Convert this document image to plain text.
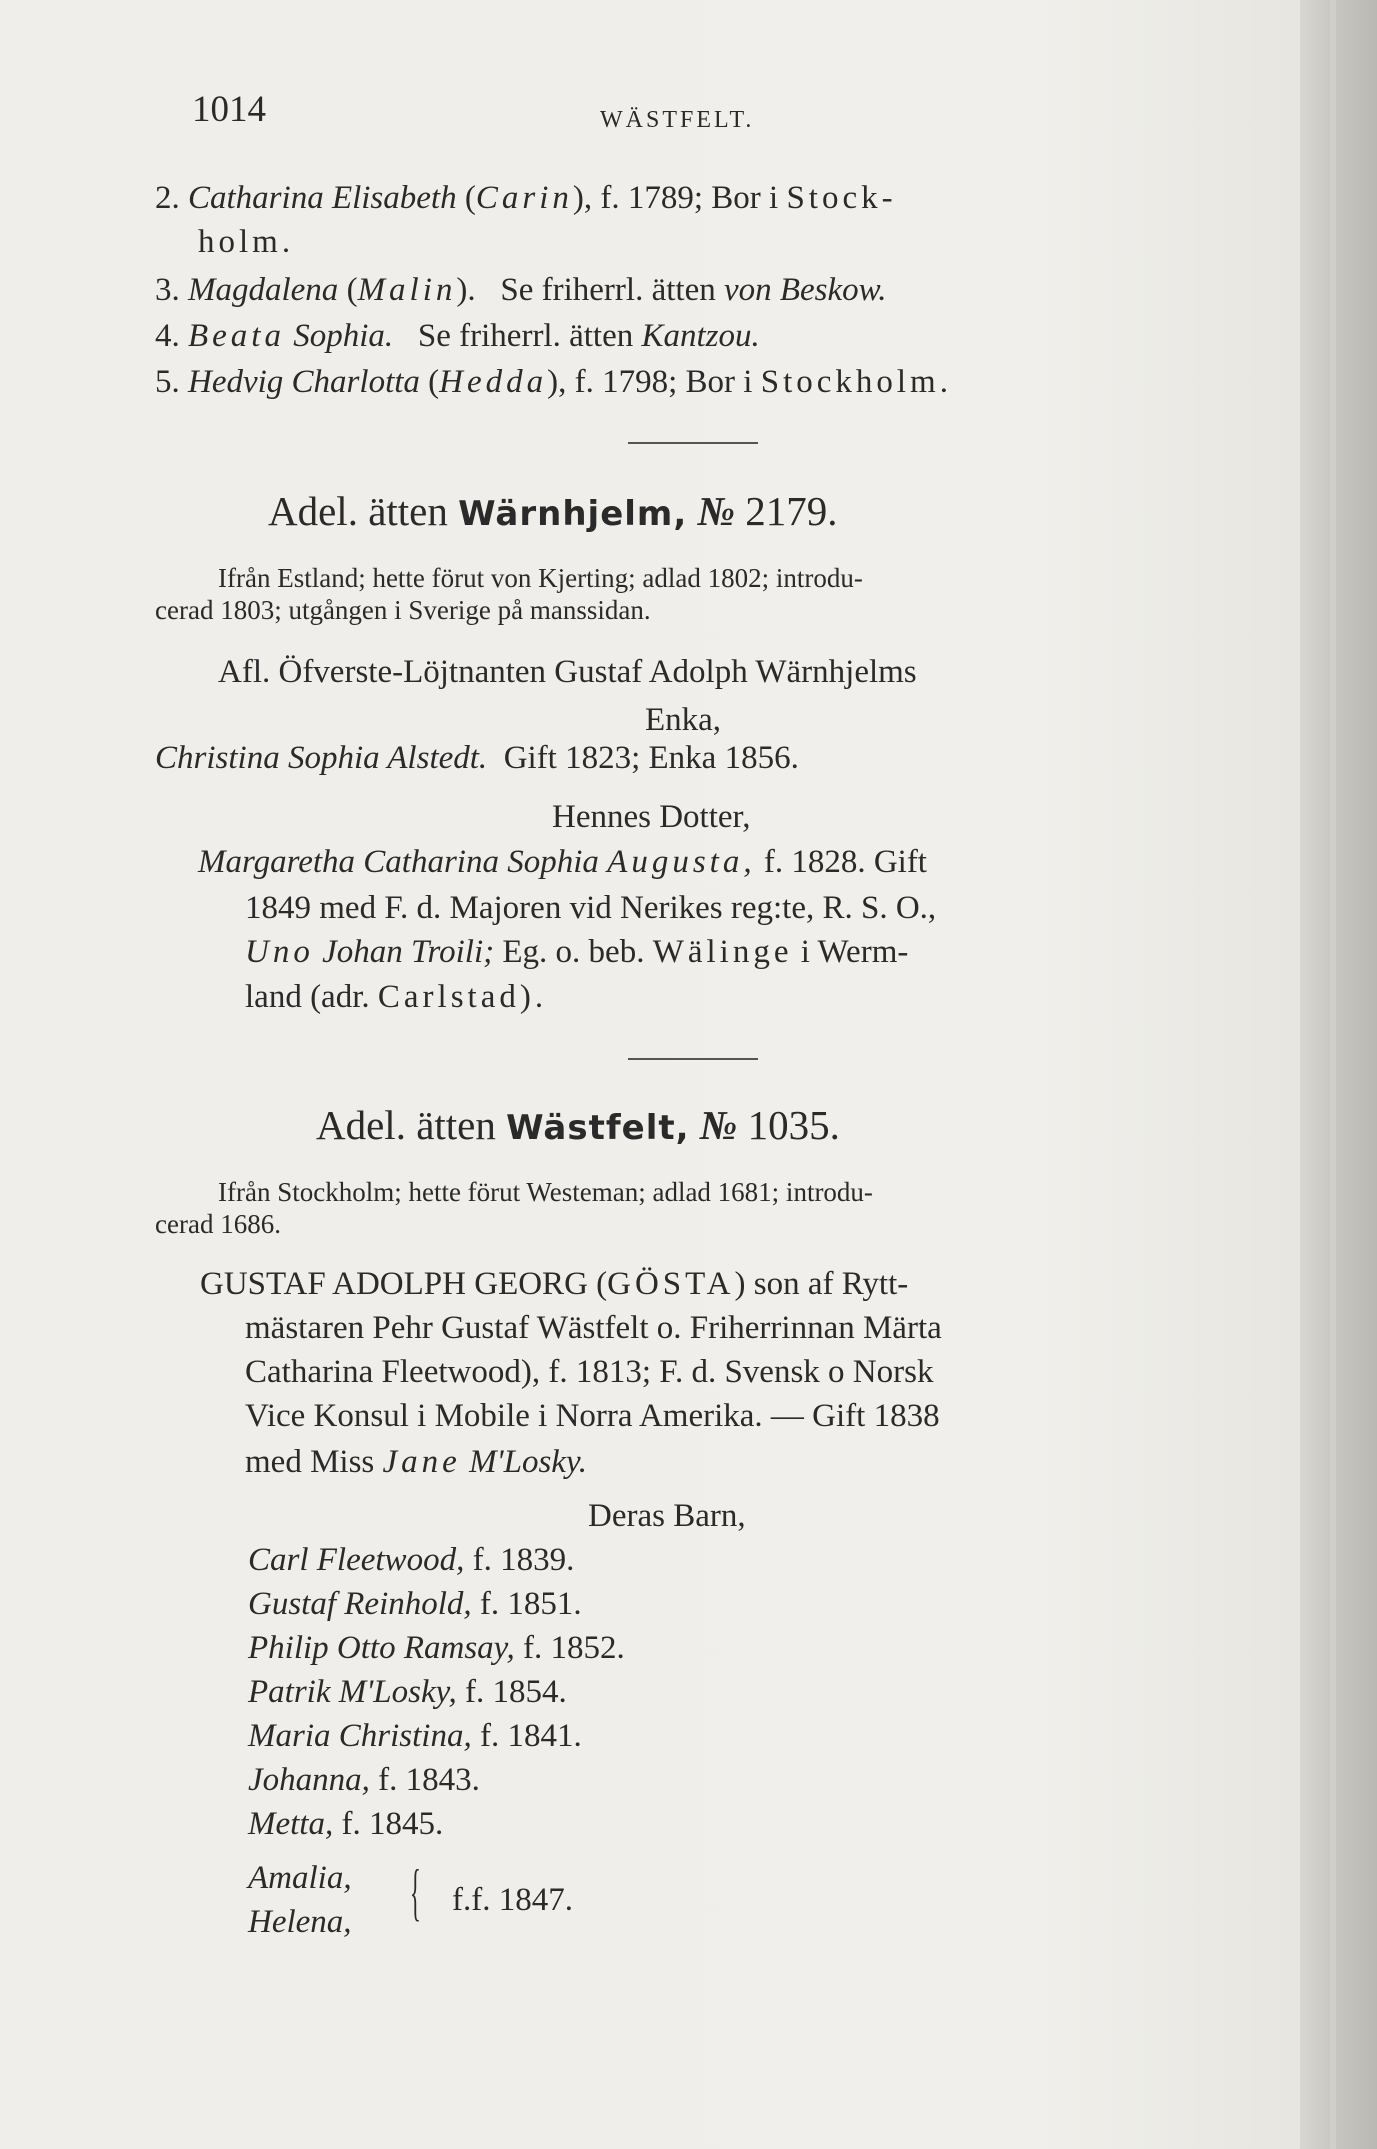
1014	WÄSTFELT.
2. Catharina Elisabeth (Carin), f. 1789; Bor i Stock-
holm.
3. Magdalena (Malin).   Se friherrl. ätten von Beskow.
4. Beata Sophia. Se friherrl. ätten Kantzou.
5. Hedvig Charlotta (Hedda), f. 1798; Bor i Stockholm.
Adel. ätten Wärnhjelm, № 2179.
Ifrån Estland; hette förut von Kjerting; adlad 1802; introdu-
cerad 1803; utgången i Sverige på manssidan.
Afl. Öfverste-Löjtnanten Gustaf Adolph Wärnhjelms
Enka,
Christina Sophia Alstedt. Gift 1823; Enka 1856.
Hennes Dotter,
Margaretha Catharina Sophia Augusta, f. 1828. Gift
1849 med F. d. Majoren vid Nerikes reg:te, R. S. O.,
Uno Johan Troili; Eg. o. beb. Wälinge i Werm-
land (adr. Carlstad).
Adel. ätten Wästfelt, № 1035.
Ifrån Stockholm; hette förut Westeman; adlad 1681; introdu-
cerad 1686.
GUSTAF ADOLPH GEORG (GÖSTA) son af Rytt-
mästaren Pehr Gustaf Wästfelt o. Friherrinnan Märta
Catharina Fleetwood), f. 1813; F. d. Svensk o Norsk
Vice Konsul i Mobile i Norra Amerika. — Gift 1838
med Miss Jane M'Losky.
Deras Barn,
Carl Fleetwood, f. 1839.
Gustaf Reinhold, f. 1851.
Philip Otto Ramsay, f. 1852.
Patrik M'Losky, f. 1854.
Maria Christina, f. 1841.
Johanna, f. 1843.
Metta, f. 1845.
Amalia,
Helena, { f.f. 1847.
